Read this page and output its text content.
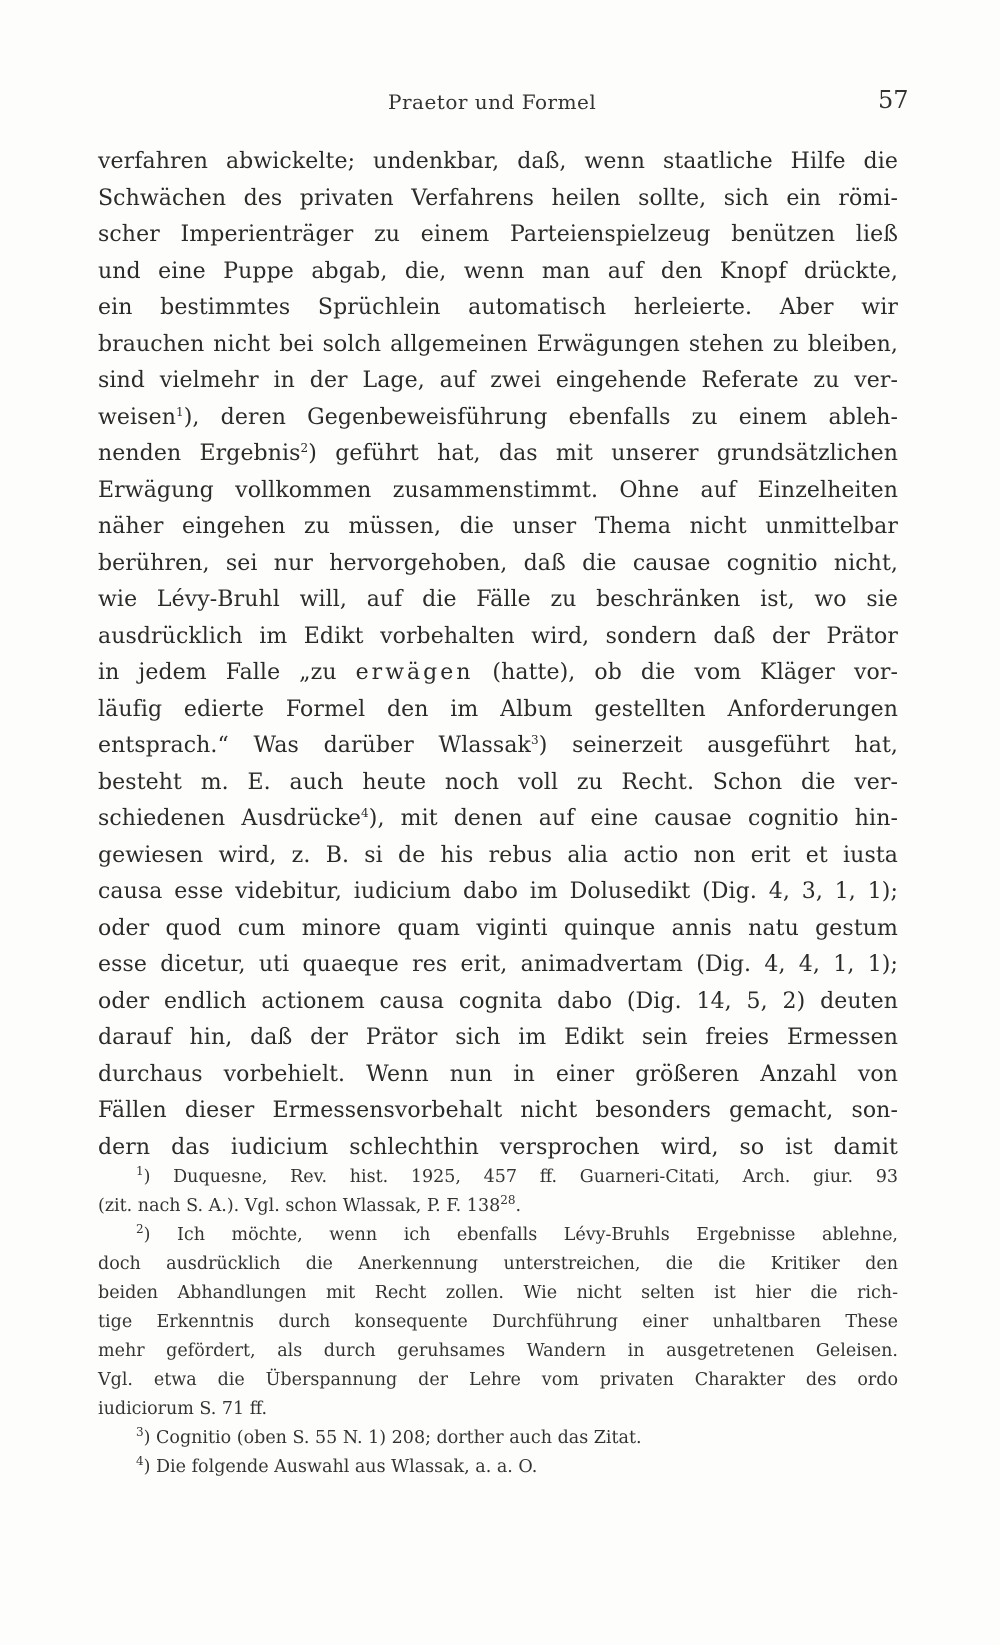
Praetor und Formel	57
verfahren abwickelte; undenkbar, daß, wenn staatliche Hilfe die
Schwächen des privaten Verfahrens heilen sollte, sich ein römi-
scher Imperienträger zu einem Parteienspielzeug benützen ließ
und eine Puppe abgab, die, wenn man auf den Knopf drückte,
ein bestimmtes Sprüchlein automatisch herleierte. Aber wir
brauchen nicht bei solch allgemeinen Erwägungen stehen zu bleiben,
sind vielmehr in der Lage, auf zwei eingehende Referate zu ver-
weisen$^1$), deren Gegenbeweisführung ebenfalls zu einem ableh-
nenden Ergebnis$^2$) geführt hat, das mit unserer grundsätzlichen
Erwägung vollkommen zusammenstimmt. Ohne auf Einzelheiten
näher eingehen zu müssen, die unser Thema nicht unmittelbar
berühren, sei nur hervorgehoben, daß die causae cognitio nicht,
wie Lévy-Bruhl will, auf die Fälle zu beschränken ist, wo sie
ausdrücklich im Edikt vorbehalten wird, sondern daß der Prätor
in jedem Falle „zu erwägen (hatte), ob die vom Kläger vor-
läufig edierte Formel den im Album gestellten Anforderungen
entsprach.“ Was darüber Wlassak$^3$) seinerzeit ausgeführt hat,
besteht m. E. auch heute noch voll zu Recht. Schon die ver-
schiedenen Ausdrücke$^4$), mit denen auf eine causae cognitio hin-
gewiesen wird, z. B. si de his rebus alia actio non erit et iusta
causa esse videbitur, iudicium dabo im Dolusedikt (Dig. 4, 3, 1, 1);
oder quod cum minore quam viginti quinque annis natu gestum
esse dicetur, uti quaeque res erit, animadvertam (Dig. 4, 4, 1, 1);
oder endlich actionem causa cognita dabo (Dig. 14, 5, 2) deuten
darauf hin, daß der Prätor sich im Edikt sein freies Ermessen
durchaus vorbehielt. Wenn nun in einer größeren Anzahl von
Fällen dieser Ermessensvorbehalt nicht besonders gemacht, son-
dern das iudicium schlechthin versprochen wird, so ist damit
$^1$) Duquesne, Rev. hist. 1925, 457 ff. Guarneri-Citati, Arch. giur. 93
(zit. nach S. A.). Vgl. schon Wlassak, P. F. 138$^{28}$.
$^2$) Ich möchte, wenn ich ebenfalls Lévy-Bruhls Ergebnisse ablehne,
doch ausdrücklich die Anerkennung unterstreichen, die die Kritiker den
beiden Abhandlungen mit Recht zollen. Wie nicht selten ist hier die rich-
tige Erkenntnis durch konsequente Durchführung einer unhaltbaren These
mehr gefördert, als durch geruhsames Wandern in ausgetretenen Geleisen.
Vgl. etwa die Überspannung der Lehre vom privaten Charakter des ordo
iudiciorum S. 71 ff.
$^3$) Cognitio (oben S. 55 N. 1) 208; dorther auch das Zitat.
$^4$) Die folgende Auswahl aus Wlassak, a. a. O.
